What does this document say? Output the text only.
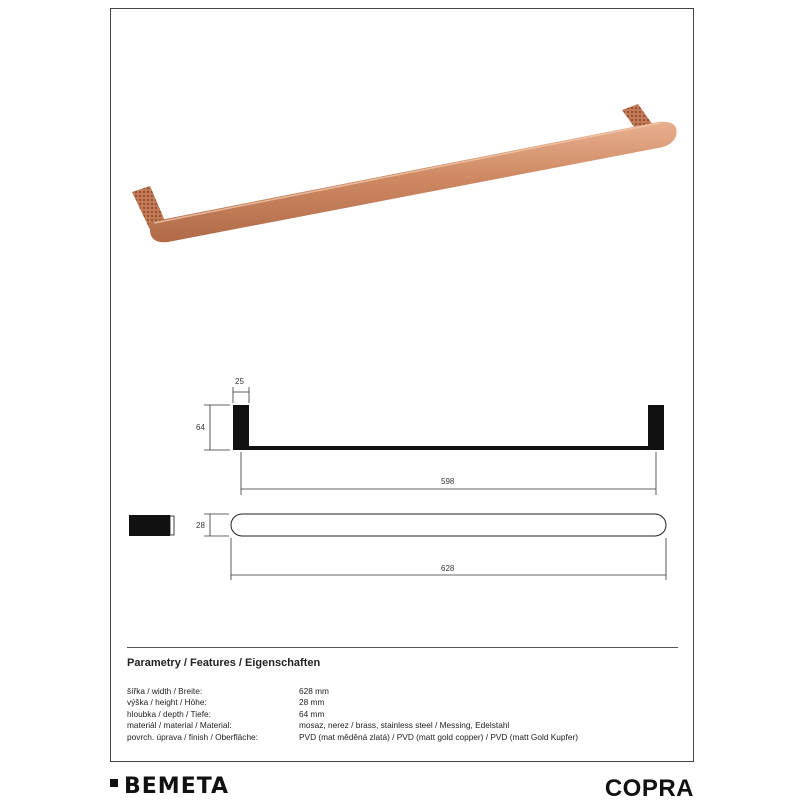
25
64
598
28
628
Parametry / Features / Eigenschaften
šířka / width / Breite:	628 mm
výška / height / Höhe:	28 mm
hloubka / depth / Tiefe:	64 mm
materiál / material / Material:	mosaz, nerez / brass, stainless steel / Messing, Edelstahl
povrch. úprava / finish / Oberfläche:	PVD (mat měděná zlatá) / PVD (matt gold copper) / PVD (matt Gold Kupfer)
BEMETA	COPRA
